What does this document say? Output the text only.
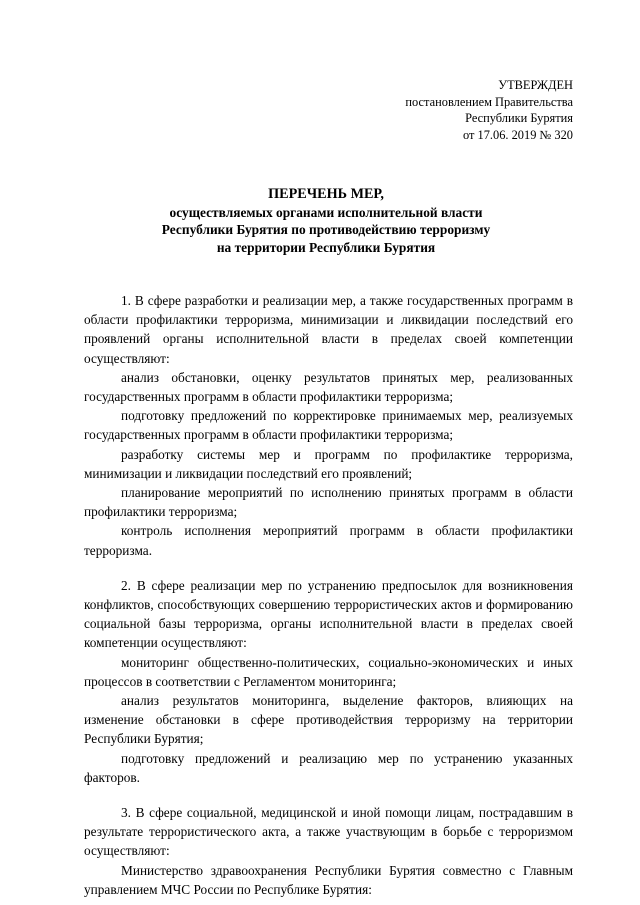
УТВЕРЖДЕН
постановлением Правительства
Республики Бурятия
от 17.06. 2019 № 320
ПЕРЕЧЕНЬ МЕР,
осуществляемых органами исполнительной власти
Республики Бурятия по противодействию терроризму
на территории Республики Бурятия

1. В сфере разработки и реализации мер, а также государственных программ в области профилактики терроризма, минимизации и ликвидации последствий его проявлений органы исполнительной власти в пределах своей компетенции осуществляют:

анализ обстановки, оценку результатов принятых мер, реализованных государственных программ в области профилактики терроризма;

подготовку предложений по корректировке принимаемых мер, реализуемых государственных программ в области профилактики терроризма;

разработку системы мер и программ по профилактике терроризма, минимизации и ликвидации последствий его проявлений;

планирование мероприятий по исполнению принятых программ в области профилактики терроризма;

контроль исполнения мероприятий программ в области профилактики терроризма.

2. В сфере реализации мер по устранению предпосылок для возникновения конфликтов, способствующих совершению террористических актов и формированию социальной базы терроризма, органы исполнительной власти в пределах своей компетенции осуществляют:

мониторинг общественно-политических, социально-экономических и иных процессов в соответствии с Регламентом мониторинга;

анализ результатов мониторинга, выделение факторов, влияющих на изменение обстановки в сфере противодействия терроризму на территории Республики Бурятия;

подготовку предложений и реализацию мер по устранению указанных факторов.

3. В сфере социальной, медицинской и иной помощи лицам, пострадавшим в результате террористического акта, а также участвующим в борьбе с терроризмом осуществляют:

Министерство здравоохранения Республики Бурятия совместно с Главным управлением МЧС России по Республике Бурятия:
